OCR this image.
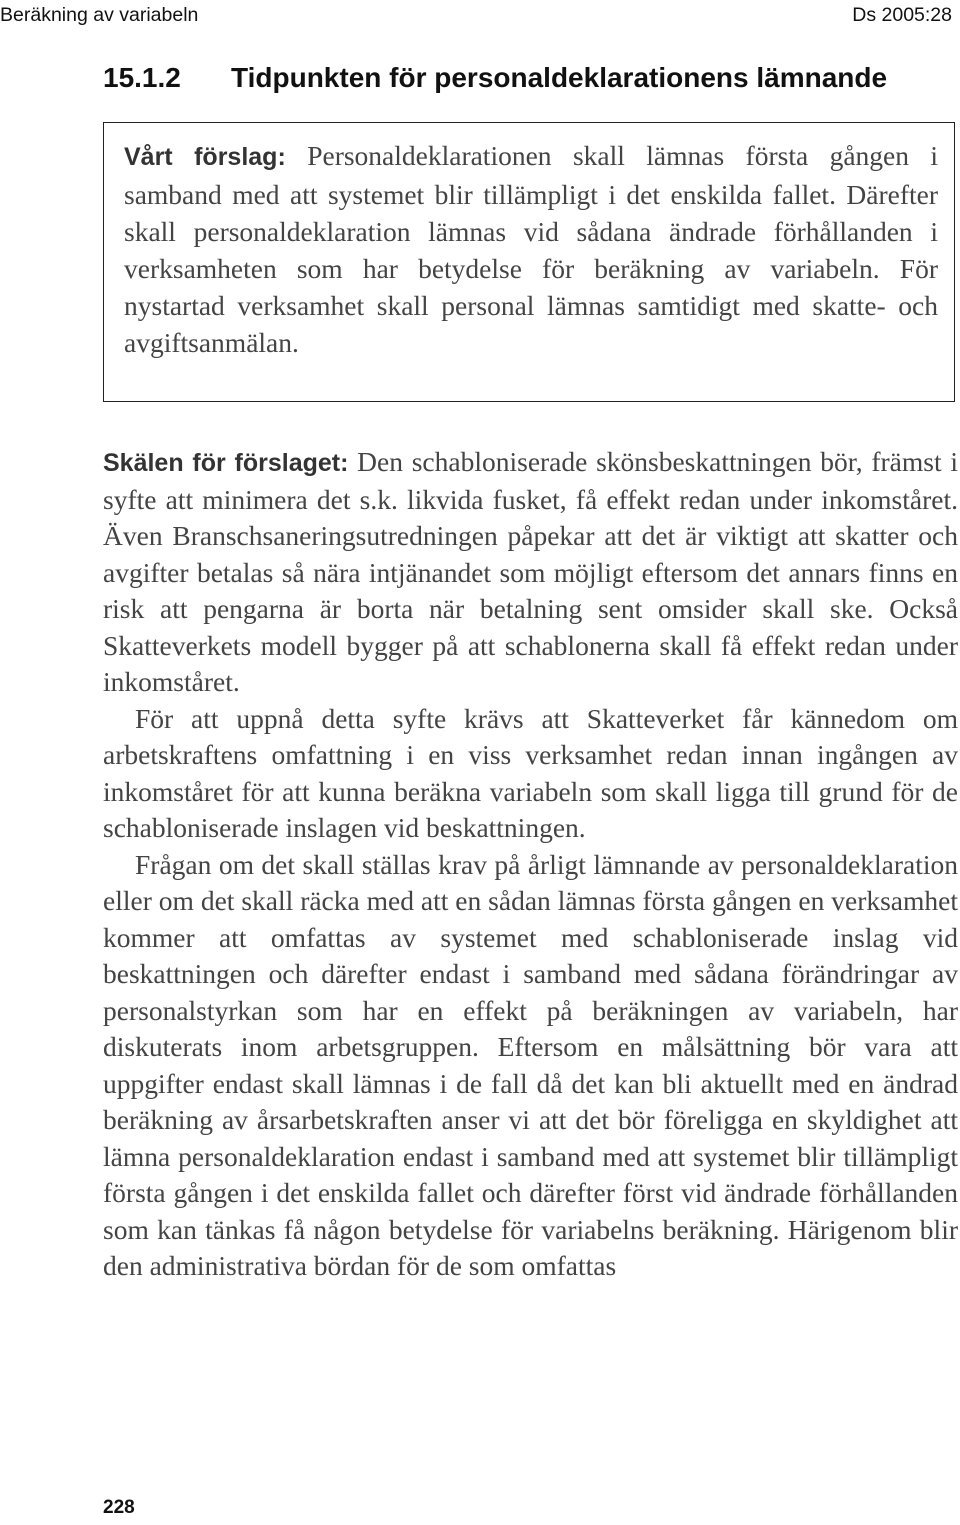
Beräkning av variabeln	Ds 2005:28
15.1.2 Tidpunkten för personaldeklarationens lämnande
Vårt förslag: Personaldeklarationen skall lämnas första gången i samband med att systemet blir tillämpligt i det enskilda fallet. Därefter skall personaldeklaration lämnas vid sådana ändrade förhållanden i verksamheten som har betydelse för beräkning av variabeln. För nystartad verksamhet skall personal lämnas samtidigt med skatte- och avgiftsanmälan.

Skälen för förslaget: Den schabloniserade skönsbeskattningen bör, främst i syfte att minimera det s.k. likvida fusket, få effekt redan under inkomståret. Även Branschsaneringsutredningen påpekar att det är viktigt att skatter och avgifter betalas så nära intjänandet som möjligt eftersom det annars finns en risk att pengarna är borta när betalning sent omsider skall ske. Också Skatteverkets modell bygger på att schablonerna skall få effekt redan under inkomståret.

För att uppnå detta syfte krävs att Skatteverket får kännedom om arbetskraftens omfattning i en viss verksamhet redan innan ingången av inkomståret för att kunna beräkna variabeln som skall ligga till grund för de schabloniserade inslagen vid beskattningen.

Frågan om det skall ställas krav på årligt lämnande av personaldeklaration eller om det skall räcka med att en sådan lämnas första gången en verksamhet kommer att omfattas av systemet med schabloniserade inslag vid beskattningen och därefter endast i samband med sådana förändringar av personalstyrkan som har en effekt på beräkningen av variabeln, har diskuterats inom arbetsgruppen. Eftersom en målsättning bör vara att uppgifter endast skall lämnas i de fall då det kan bli aktuellt med en ändrad beräkning av årsarbetskraften anser vi att det bör föreligga en skyldighet att lämna personaldeklaration endast i samband med att systemet blir tillämpligt första gången i det enskilda fallet och därefter först vid ändrade förhållanden som kan tänkas få någon betydelse för variabelns beräkning. Härigenom blir den administrativa bördan för de som omfattas

228
